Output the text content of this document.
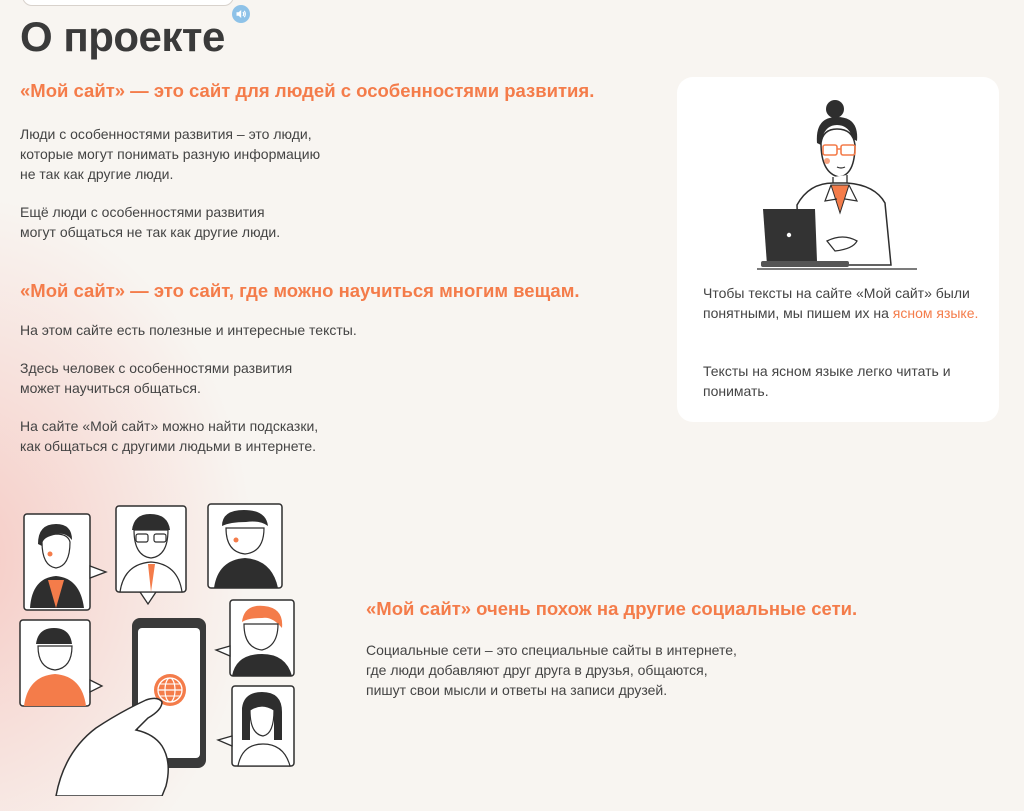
О проекте
«Мой сайт» — это сайт для людей с особенностями развития.

Люди с особенностями развития – это люди,
которые могут понимать разную информацию
не так как другие люди.

Ещё люди с особенностями развития
могут общаться не так как другие люди.

«Мой сайт» — это сайт, где можно научиться многим вещам.

На этом сайте есть полезные и интересные тексты.

Здесь человек с особенностями развития
может научиться общаться.

На сайте «Мой сайт» можно найти подсказки,
как общаться с другими людьми в интернете.

Чтобы тексты на сайте «Мой сайт» были понятными, мы пишем их на ясном языке.

Тексты на ясном языке легко читать и понимать.

«Мой сайт» очень похож на другие социальные сети.

Социальные сети – это специальные сайты в интернете,
где люди добавляют друг друга в друзья, общаются,
пишут свои мысли и ответы на записи друзей.
